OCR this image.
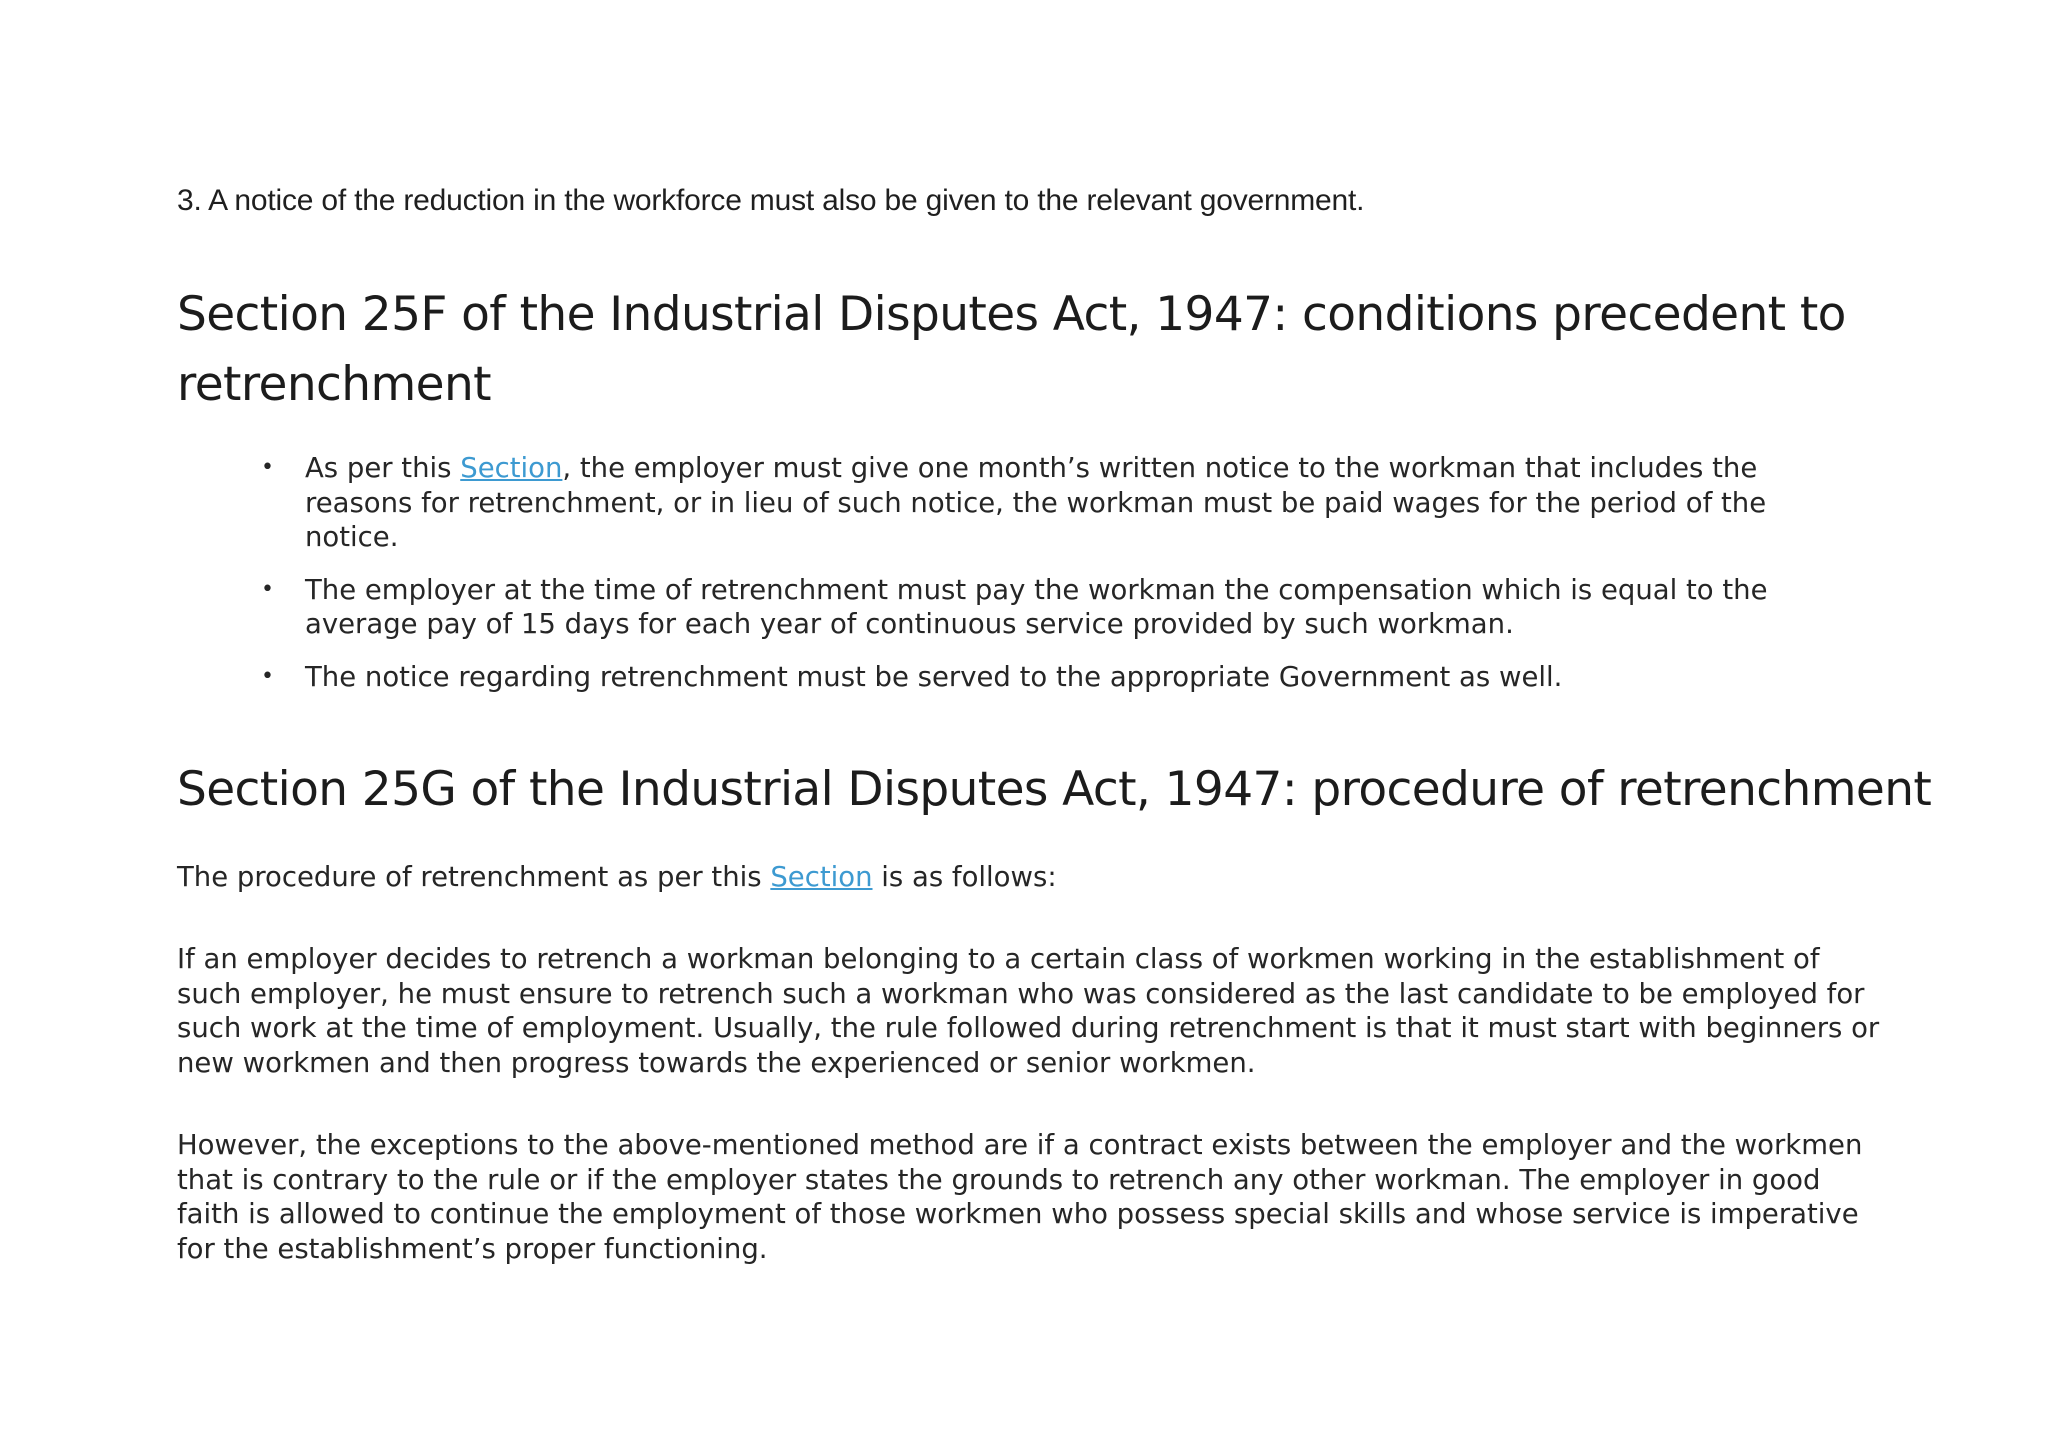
3. A notice of the reduction in the workforce must also be given to the relevant government.

Section 25F of the Industrial Disputes Act, 1947: conditions precedent to retrenchment
• As per this Section, the employer must give one month’s written notice to the workman that includes the reasons for retrenchment, or in lieu of such notice, the workman must be paid wages for the period of the notice.
• The employer at the time of retrenchment must pay the workman the compensation which is equal to the average pay of 15 days for each year of continuous service provided by such workman.
• The notice regarding retrenchment must be served to the appropriate Government as well.
Section 25G of the Industrial Disputes Act, 1947: procedure of retrenchment

The procedure of retrenchment as per this Section is as follows:

If an employer decides to retrench a workman belonging to a certain class of workmen working in the establishment of such employer, he must ensure to retrench such a workman who was considered as the last candidate to be employed for such work at the time of employment. Usually, the rule followed during retrenchment is that it must start with beginners or new workmen and then progress towards the experienced or senior workmen.

However, the exceptions to the above-mentioned method are if a contract exists between the employer and the workmen that is contrary to the rule or if the employer states the grounds to retrench any other workman. The employer in good faith is allowed to continue the employment of those workmen who possess special skills and whose service is imperative for the establishment’s proper functioning.
